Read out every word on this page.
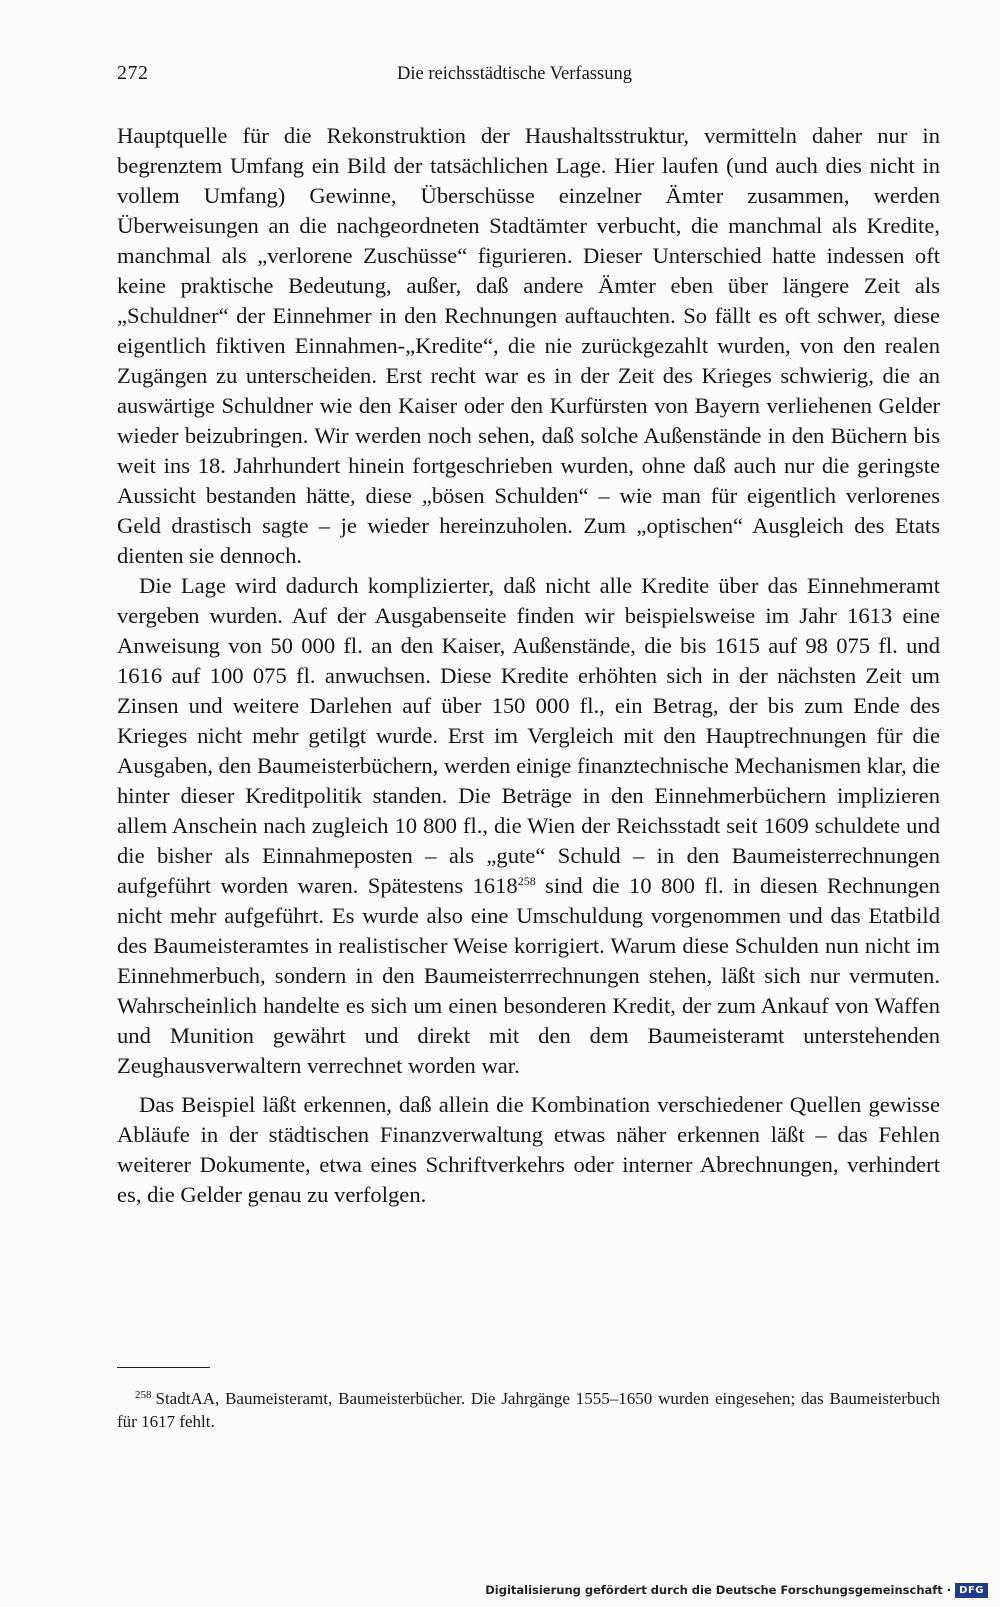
272	Die reichsstädtische Verfassung

Hauptquelle für die Rekonstruktion der Haushaltsstruktur, vermitteln daher nur in begrenztem Umfang ein Bild der tatsächlichen Lage. Hier laufen (und auch dies nicht in vollem Umfang) Gewinne, Überschüsse einzelner Ämter zusammen, werden Überweisungen an die nachgeordneten Stadtämter verbucht, die manchmal als Kredite, manchmal als „verlorene Zuschüsse“ figurieren. Dieser Unterschied hatte indessen oft keine praktische Bedeutung, außer, daß andere Ämter eben über längere Zeit als „Schuldner“ der Einnehmer in den Rechnungen auftauchten. So fällt es oft schwer, diese eigentlich fiktiven Einnahmen-„Kredite“, die nie zurückgezahlt wurden, von den realen Zugängen zu unterscheiden. Erst recht war es in der Zeit des Krieges schwierig, die an auswärtige Schuldner wie den Kaiser oder den Kurfürsten von Bayern verliehenen Gelder wieder beizubringen. Wir werden noch sehen, daß solche Außenstände in den Büchern bis weit ins 18. Jahrhundert hinein fortgeschrieben wurden, ohne daß auch nur die geringste Aussicht bestanden hätte, diese „bösen Schulden“ – wie man für eigentlich verlorenes Geld drastisch sagte – je wieder hereinzuholen. Zum „optischen“ Ausgleich des Etats dienten sie dennoch.

Die Lage wird dadurch komplizierter, daß nicht alle Kredite über das Einnehmeramt vergeben wurden. Auf der Ausgabenseite finden wir beispielsweise im Jahr 1613 eine Anweisung von 50 000 fl. an den Kaiser, Außenstände, die bis 1615 auf 98 075 fl. und 1616 auf 100 075 fl. anwuchsen. Diese Kredite erhöhten sich in der nächsten Zeit um Zinsen und weitere Darlehen auf über 150 000 fl., ein Betrag, der bis zum Ende des Krieges nicht mehr getilgt wurde. Erst im Vergleich mit den Hauptrechnungen für die Ausgaben, den Baumeisterbüchern, werden einige finanztechnische Mechanismen klar, die hinter dieser Kreditpolitik standen. Die Beträge in den Einnehmerbüchern implizieren allem Anschein nach zugleich 10 800 fl., die Wien der Reichsstadt seit 1609 schuldete und die bisher als Einnahmeposten – als „gute“ Schuld – in den Baumeisterrechnungen aufgeführt worden waren. Spätestens 1618$^{258}$ sind die 10 800 fl. in diesen Rechnungen nicht mehr aufgeführt. Es wurde also eine Umschuldung vorgenommen und das Etatbild des Baumeisteramtes in realistischer Weise korrigiert. Warum diese Schulden nun nicht im Einnehmerbuch, sondern in den Baumeisterrrechnungen stehen, läßt sich nur vermuten. Wahrscheinlich handelte es sich um einen besonderen Kredit, der zum Ankauf von Waffen und Munition gewährt und direkt mit den dem Baumeisteramt unterstehenden Zeughausverwaltern verrechnet worden war.

Das Beispiel läßt erkennen, daß allein die Kombination verschiedener Quellen gewisse Abläufe in der städtischen Finanzverwaltung etwas näher erkennen läßt – das Fehlen weiterer Dokumente, etwa eines Schriftverkehrs oder interner Abrechnungen, verhindert es, die Gelder genau zu verfolgen.

$^{258}$ StadtAA, Baumeisteramt, Baumeisterbücher. Die Jahrgänge 1555–1650 wurden eingesehen; das Baumeisterbuch für 1617 fehlt.
Digitalisierung gefördert durch die Deutsche Forschungsgemeinschaft · DFG
